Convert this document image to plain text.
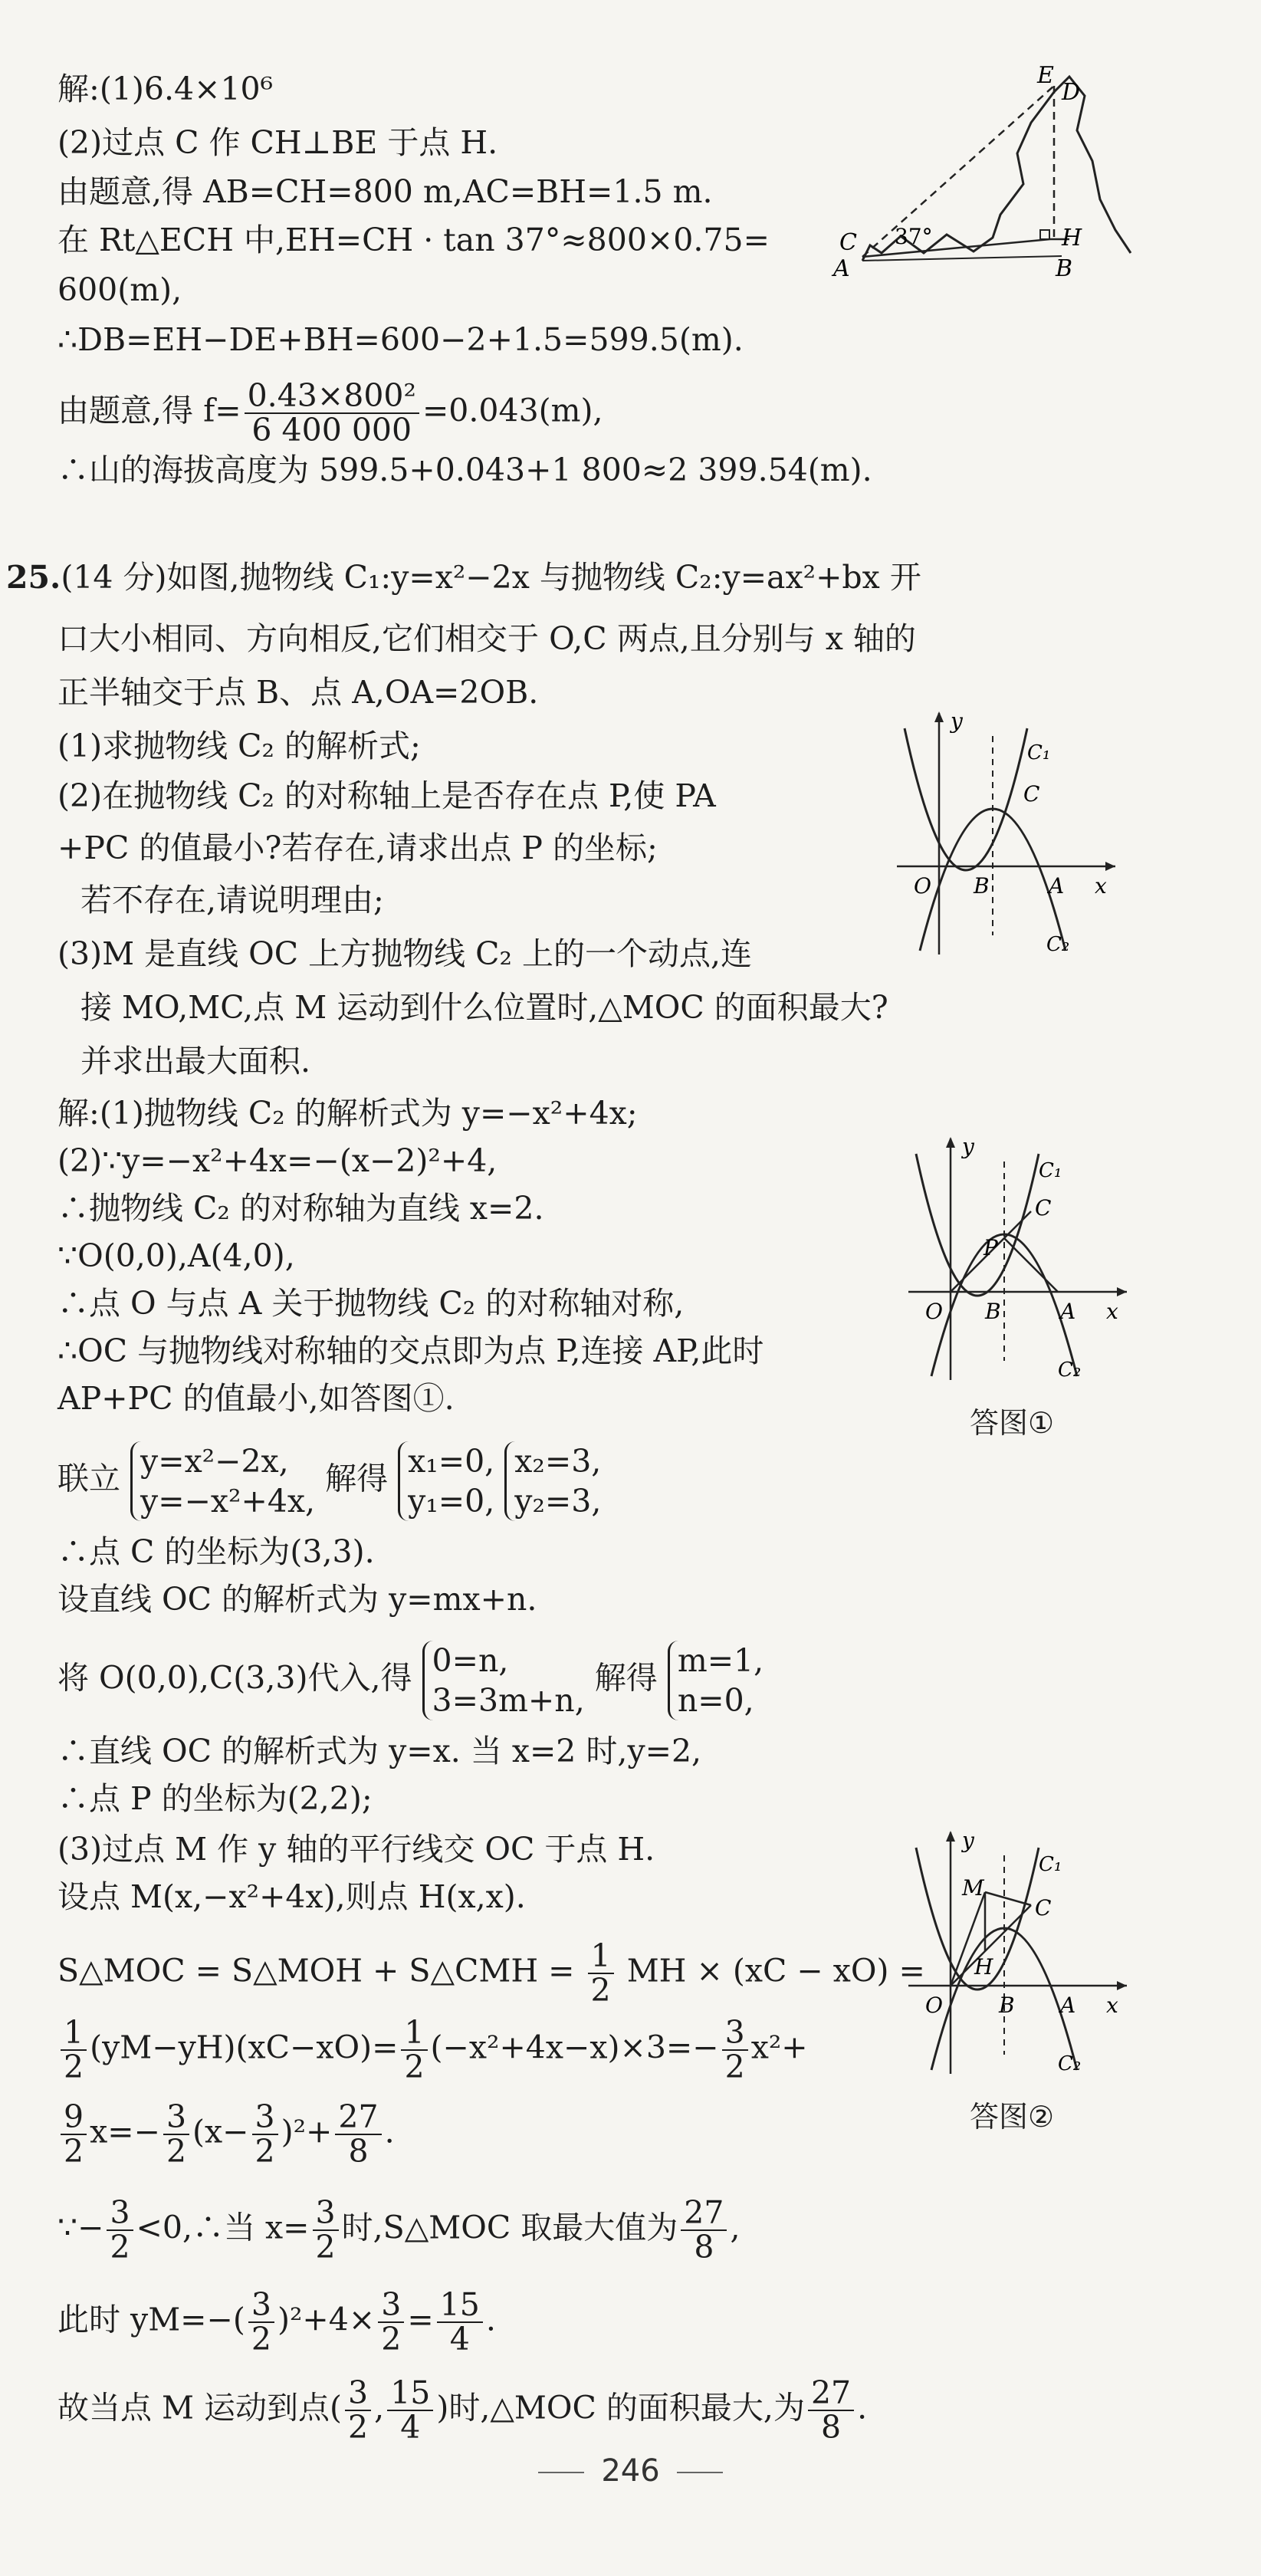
解:(1)6.4×10⁶
(2)过点 C 作 CH⊥BE 于点 H.
由题意,得 AB=CH=800 m,AC=BH=1.5 m.
在 Rt△ECH 中,EH=CH · tan 37°≈800×0.75=
600(m),
∴DB=EH−DE+BH=600−2+1.5=599.5(m).
由题意,得 $f= \frac{\text{0.43×800²}}{6 400 000} =0.043(m)$,
∴山的海拔高度为 599.5+0.043+1 800≈2 399.54(m).
E
D
C
A
37°	H
B
25.(14 分)如图,抛物线 C₁:y=x²−2x 与抛物线 C₂:y=ax²+bx 开
口大小相同、方向相反,它们相交于 O,C 两点,且分别与 x 轴的
正半轴交于点 B、点 A,OA=2OB.
(1)求抛物线 C₂ 的解析式;
(2)在抛物线 C₂ 的对称轴上是否存在点 P,使 PA
+PC 的值最小?若存在,请求出点 P 的坐标;
若不存在,请说明理由;
(3)M 是直线 OC 上方抛物线 C₂ 上的一个动点,连
接 MO,MC,点 M 运动到什么位置时,△MOC 的面积最大?
并求出最大面积.
y
x
O B	A
C
C₁
C₂
解:(1)抛物线 C₂ 的解析式为 y=−x²+4x;
(2)∵y=−x²+4x=−(x−2)²+4,
∴抛物线 C₂ 的对称轴为直线 x=2.
∵O(0,0),A(4,0),
∴点 O 与点 A 关于抛物线 C₂ 的对称轴对称,
∴OC 与抛物线对称轴的交点即为点 P,连接 AP,此时
AP+PC 的值最小,如答图①.
联立 y=x²−2x,
y=−x²+4x,
解得 x₁=0,
y₁=0,

x₂=3,
y₂=3,
∴点 C 的坐标为(3,3).
设直线 OC 的解析式为 y=mx+n.
将 O(0,0),C(3,3)代入,得 0=n,
3=3m+n,
解得 m=1,
n=0,
∴直线 OC 的解析式为 y=x. 当 x=2 时,y=2,
∴点 P 的坐标为(2,2);
(3)过点 M 作 y 轴的平行线交 OC 于点 H.
设点 M(x,−x²+4x),则点 H(x,x).
S△MOC = S△MOH + S△CMH = $\frac{1}{2}$ MH × (xC − xO) =
$\frac{1}{2} (yM-yH)(xC-xO)= \frac{1}{2} (-x^2+4x-x)\times 3=- \frac{3}{2} x^2+$
$\frac{9}{2} x=- \frac{3}{2} (x- \frac{3}{2} )^2+ \frac{27}{8}$ .
∵− $\frac{3}{2}$ <0,∴当 $x= \frac{3}{2}$ 时,S△MOC 取最大值为 $\frac{27}{8}$ ,
此时 $yM=-( \frac{3}{2} )^2+4\times \frac{3}{2} = \frac{15}{4}$ .
故当点 M 运动到点( $\frac{3}{2}$ , $\frac{15}{4}$ )时,△MOC 的面积最大,为 $\frac{27}{8}$ .
y
x
O B	A
C
P
C₁
C₂
答图①
y
x
O	B A
C
M
H
C₁
C₂
答图②
246
